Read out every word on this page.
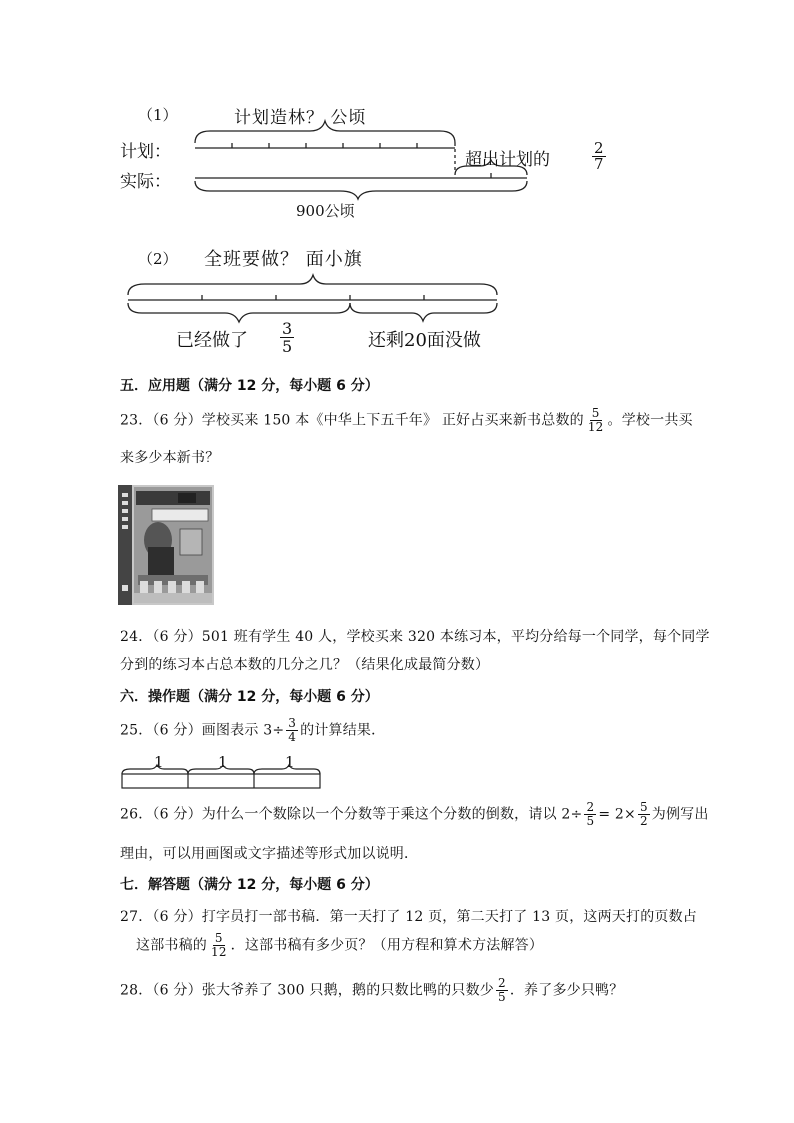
（1）	计划造林？ 公顷
计划：
实际：
超出计划的	$\frac{2}{7}$
900公顷
（2） 全班要做？ 面小旗
已经做了 $\frac{3}{5}$	还剩20面没做
五．应用题（满分 12 分，每小题 6 分）
23．（6 分）学校买来 150 本《中华上下五千年》 正好占买来新书总数的 $\frac{5}{12}$ 。学校一共买
来多少本新书？
24．（6 分）501 班有学生 40 人，学校买来 320 本练习本，平均分给每一个同学，每个同学
分到的练习本占总本数的几分之几？（结果化成最简分数）
六．操作题（满分 12 分，每小题 6 分）
25．（6 分）画图表示 $3\div \frac{3}{4}$ 的计算结果．
1	1	1
26．（6 分）为什么一个数除以一个分数等于乘这个分数的倒数，请以 $2\div \frac{2}{5} = 2\times \frac{5}{2}$ 为例写出
理由，可以用画图或文字描述等形式加以说明．
七．解答题（满分 12 分，每小题 6 分）
27．（6 分）打字员打一部书稿．第一天打了 12 页，第二天打了 13 页，这两天打的页数占
这部书稿的 $\frac{5}{12}$ ．这部书稿有多少页？（用方程和算术方法解答）
28．（6 分）张大爷养了 300 只鹅，鹅的只数比鸭的只数少 $\frac{2}{5}$ ．养了多少只鸭？
